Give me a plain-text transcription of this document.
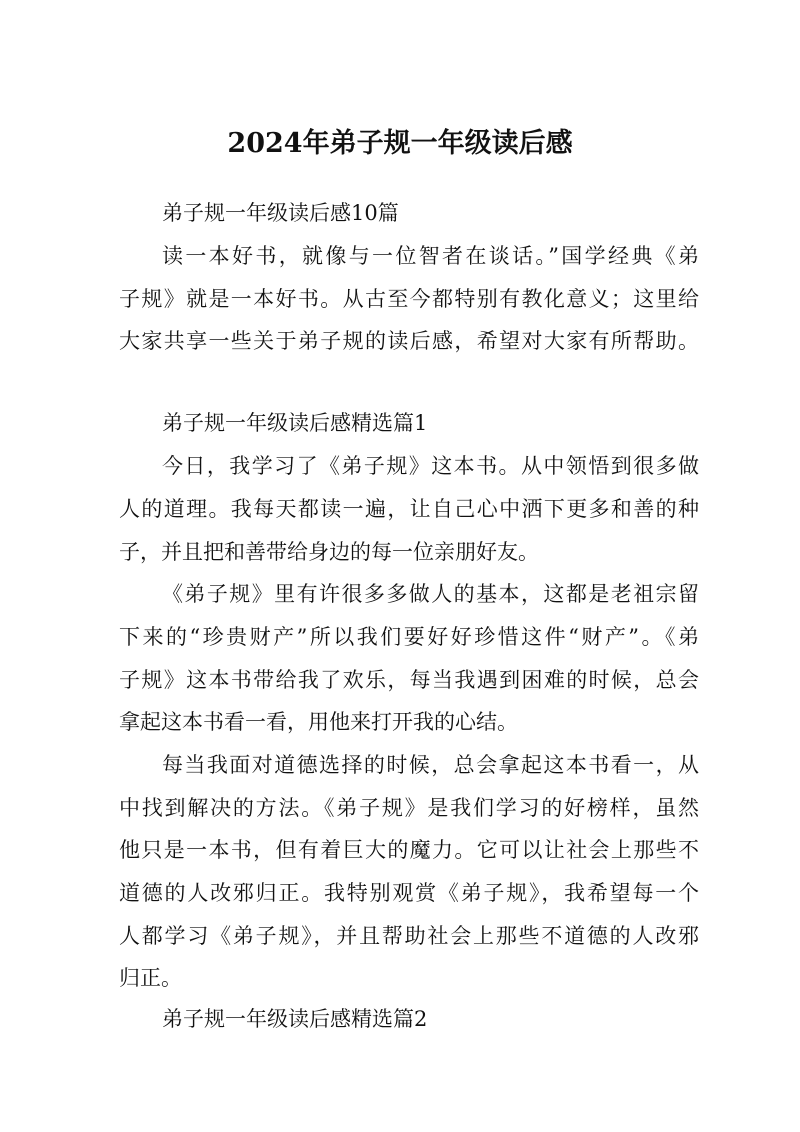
2024年弟子规一年级读后感
弟子规一年级读后感10篇
读一本好书，就像与一位智者在谈话。”国学经典《弟
子规》就是一本好书。从古至今都特别有教化意义；这里给
大家共享一些关于弟子规的读后感，希望对大家有所帮助。
弟子规一年级读后感精选篇1
今日，我学习了《弟子规》这本书。从中领悟到很多做
人的道理。我每天都读一遍，让自己心中洒下更多和善的种
子，并且把和善带给身边的每一位亲朋好友。
《弟子规》里有许很多多做人的基本，这都是老祖宗留
下来的“珍贵财产”所以我们要好好珍惜这件“财产”。《弟
子规》这本书带给我了欢乐，每当我遇到困难的时候，总会
拿起这本书看一看，用他来打开我的心结。
每当我面对道德选择的时候，总会拿起这本书看一，从
中找到解决的方法。《弟子规》是我们学习的好榜样，虽然
他只是一本书，但有着巨大的魔力。它可以让社会上那些不
道德的人改邪归正。我特别观赏《弟子规》，我希望每一个
人都学习《弟子规》，并且帮助社会上那些不道德的人改邪
归正。
弟子规一年级读后感精选篇2
